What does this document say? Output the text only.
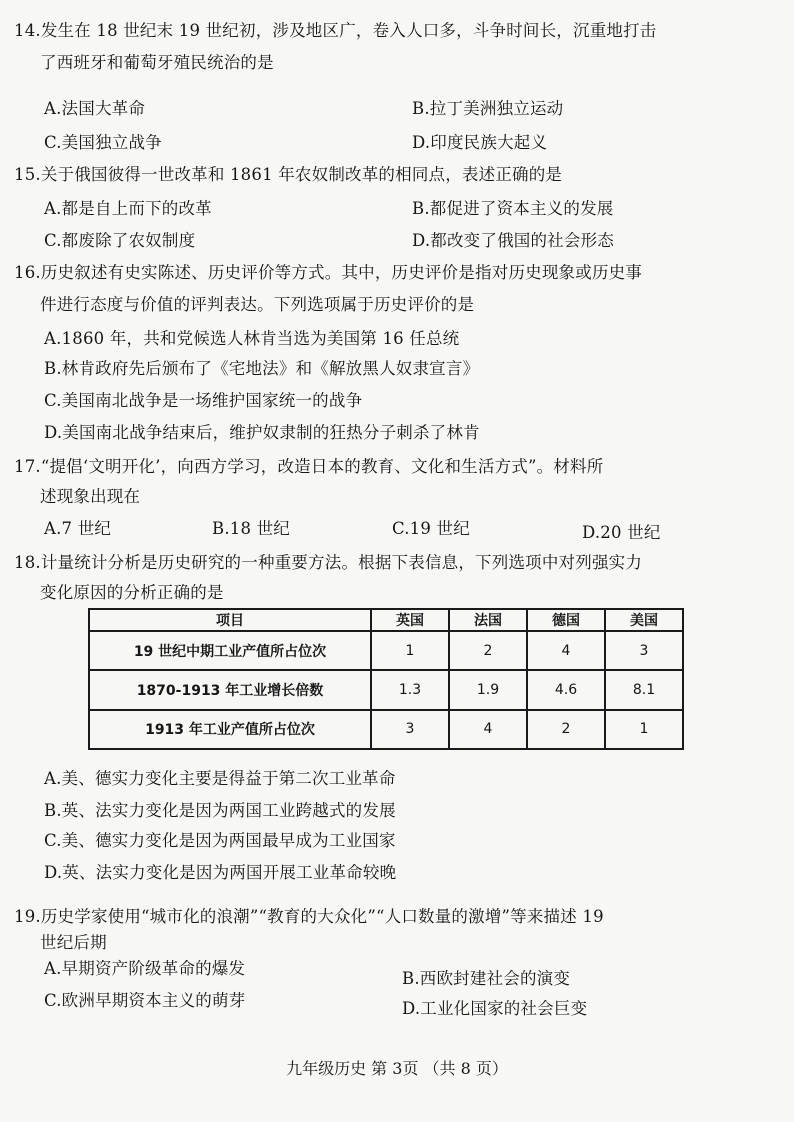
14.发生在 18 世纪末 19 世纪初，涉及地区广，卷入人口多，斗争时间长，沉重地打击
了西班牙和葡萄牙殖民统治的是
A.法国大革命	B.拉丁美洲独立运动
C.美国独立战争	D.印度民族大起义
15.关于俄国彼得一世改革和 1861 年农奴制改革的相同点，表述正确的是
A.都是自上而下的改革	B.都促进了资本主义的发展
C.都废除了农奴制度	D.都改变了俄国的社会形态
16.历史叙述有史实陈述、历史评价等方式。其中，历史评价是指对历史现象或历史事
件进行态度与价值的评判表达。下列选项属于历史评价的是
A.1860 年，共和党候选人林肯当选为美国第 16 任总统
B.林肯政府先后颁布了《宅地法》和《解放黑人奴隶宣言》
C.美国南北战争是一场维护国家统一的战争
D.美国南北战争结束后，维护奴隶制的狂热分子刺杀了林肯
17.“提倡‘文明开化’，向西方学习，改造日本的教育、文化和生活方式”。材料所
述现象出现在
A.7 世纪	B.18 世纪	C.19 世纪	D.20 世纪
18.计量统计分析是历史研究的一种重要方法。根据下表信息，下列选项中对列强实力
变化原因的分析正确的是
项目	英国	法国	德国	美国
19 世纪中期工业产值所占位次	1	2	4	3
1870-1913 年工业增长倍数	1.3	1.9	4.6	8.1
1913 年工业产值所占位次	3	4	2	1
A.美、德实力变化主要是得益于第二次工业革命
B.英、法实力变化是因为两国工业跨越式的发展
C.美、德实力变化是因为两国最早成为工业国家
D.英、法实力变化是因为两国开展工业革命较晚
19.历史学家使用“城市化的浪潮”“教育的大众化”“人口数量的激增”等来描述 19
世纪后期
A.早期资产阶级革命的爆发
B.西欧封建社会的演变
C.欧洲早期资本主义的萌芽	D.工业化国家的社会巨变
九年级历史 第 3页 （共 8 页）
